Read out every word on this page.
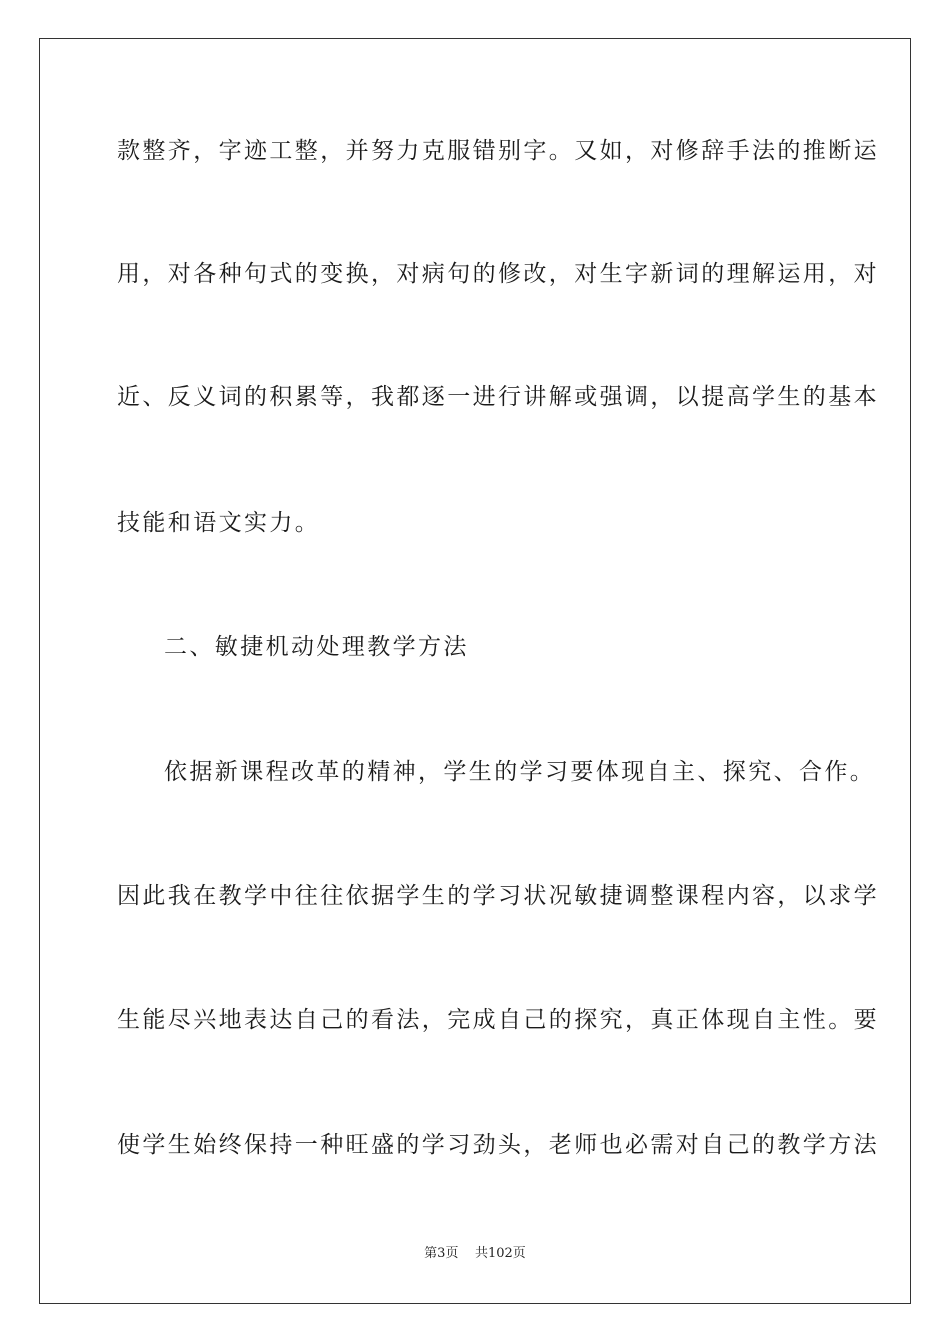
款整齐，字迹工整，并努力克服错别字。又如，对修辞手法的推断运
用，对各种句式的变换，对病句的修改，对生字新词的理解运用，对
近、反义词的积累等，我都逐一进行讲解或强调，以提高学生的基本
技能和语文实力。
二、敏捷机动处理教学方法
依据新课程改革的精神，学生的学习要体现自主、探究、合作。
因此我在教学中往往依据学生的学习状况敏捷调整课程内容，以求学
生能尽兴地表达自己的看法，完成自己的探究，真正体现自主性。要
使学生始终保持一种旺盛的学习劲头，老师也必需对自己的教学方法
第3页 共102页
